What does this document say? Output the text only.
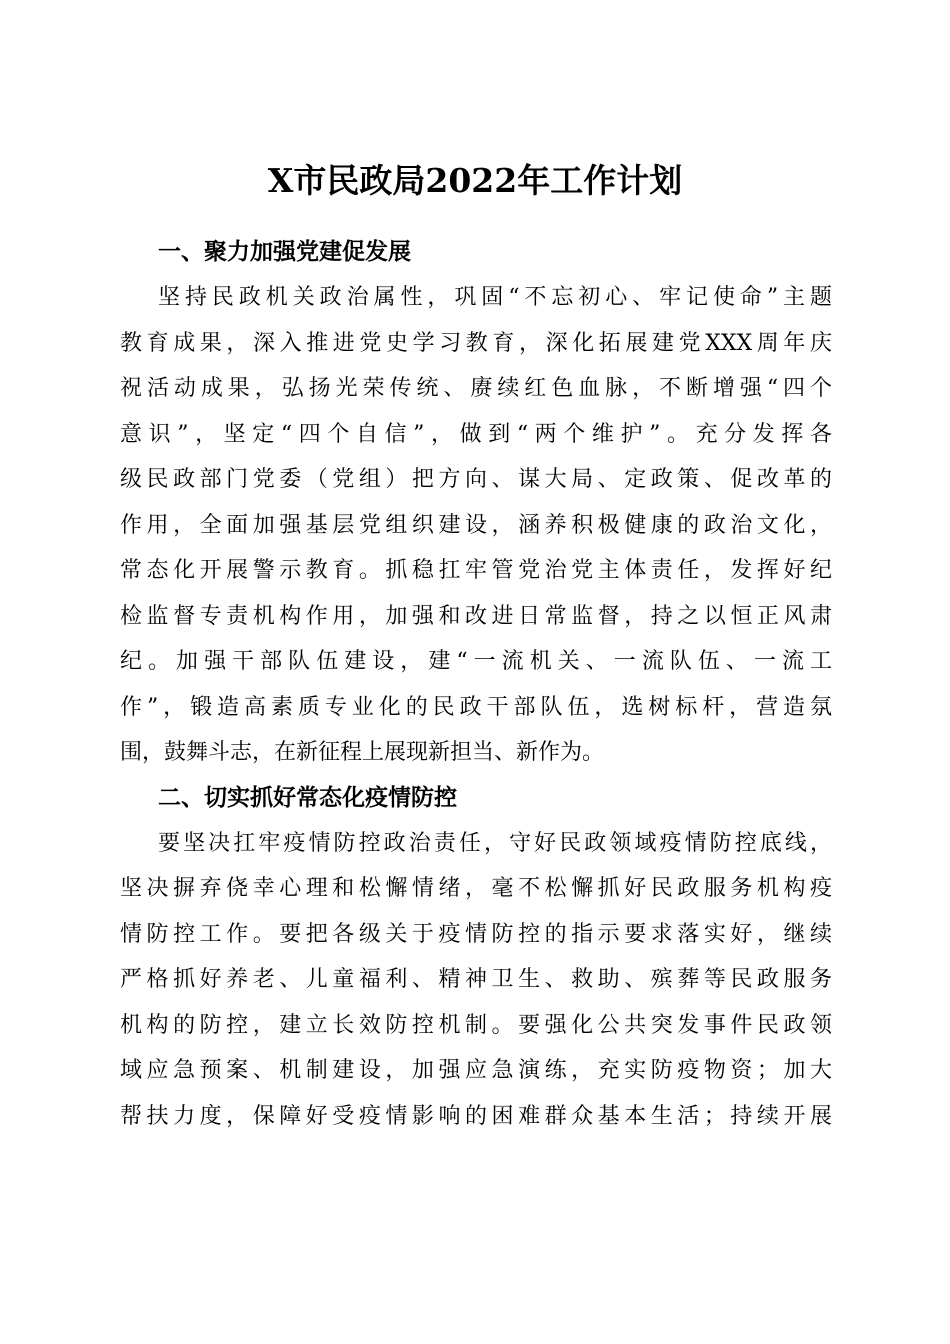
X市民政局2022年工作计划
一、聚力加强党建促发展
坚持民政机关政治属性，巩固“不忘初心、牢记使命”主题
教育成果，深入推进党史学习教育，深化拓展建党XXX周年庆
祝活动成果，弘扬光荣传统、赓续红色血脉，不断增强“四个
意识”，坚定“四个自信”，做到“两个维护”。充分发挥各
级民政部门党委（党组）把方向、谋大局、定政策、促改革的
作用，全面加强基层党组织建设，涵养积极健康的政治文化，
常态化开展警示教育。抓稳扛牢管党治党主体责任，发挥好纪
检监督专责机构作用，加强和改进日常监督，持之以恒正风肃
纪。加强干部队伍建设，建“一流机关、一流队伍、一流工
作”，锻造高素质专业化的民政干部队伍，选树标杆，营造氛
围，鼓舞斗志，在新征程上展现新担当、新作为。
二、切实抓好常态化疫情防控
要坚决扛牢疫情防控政治责任，守好民政领域疫情防控底线，
坚决摒弃侥幸心理和松懈情绪，毫不松懈抓好民政服务机构疫
情防控工作。要把各级关于疫情防控的指示要求落实好，继续
严格抓好养老、儿童福利、精神卫生、救助、殡葬等民政服务
机构的防控，建立长效防控机制。要强化公共突发事件民政领
域应急预案、机制建设，加强应急演练，充实防疫物资；加大
帮扶力度，保障好受疫情影响的困难群众基本生活；持续开展
